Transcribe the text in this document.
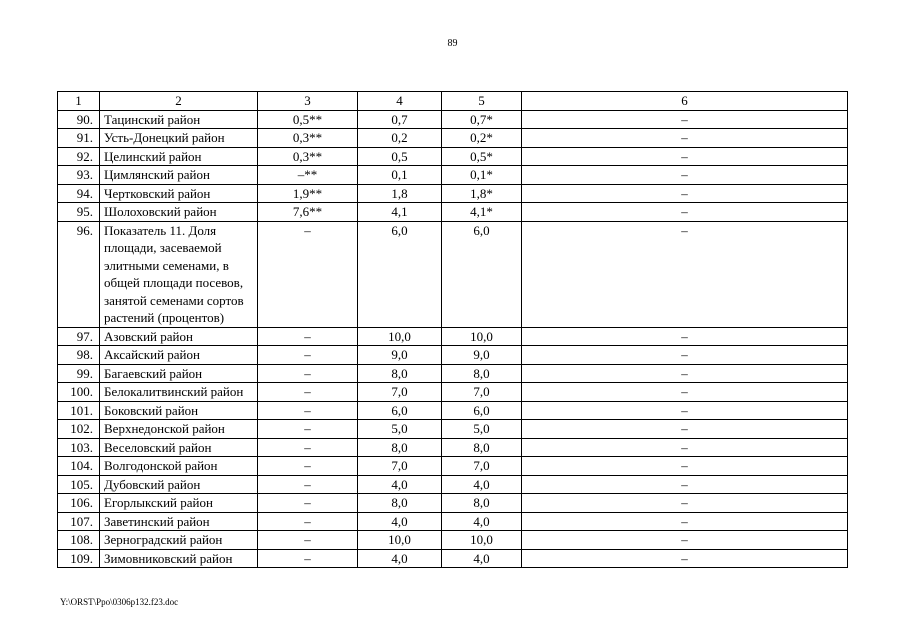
89
1	2	3	4	5	6
90.	Тацинский район	0,5**	0,7	0,7*	–
91.	Усть-Донецкий район	0,3**	0,2	0,2*	–
92.	Целинский район	0,3**	0,5	0,5*	–
93.	Цимлянский район	–**	0,1	0,1*	–
94.	Чертковский район	1,9**	1,8	1,8*	–
95.	Шолоховский район	7,6**	4,1	4,1*	–
96.	Показатель 11. Доля площади, засеваемой элитными семенами, в общей площади посевов, занятой семенами сортов растений (процентов)	–	6,0	6,0	–
97.	Азовский район	–	10,0	10,0	–
98.	Аксайский район	–	9,0	9,0	–
99.	Багаевский район	–	8,0	8,0	–
100.	Белокалитвинский район	–	7,0	7,0	–
101.	Боковский район	–	6,0	6,0	–
102.	Верхнедонской район	–	5,0	5,0	–
103.	Веселовский район	–	8,0	8,0	–
104.	Волгодонской район	–	7,0	7,0	–
105.	Дубовский район	–	4,0	4,0	–
106.	Егорлыкский район	–	8,0	8,0	–
107.	Заветинский район	–	4,0	4,0	–
108.	Зерноградский район	–	10,0	10,0	–
109.	Зимовниковский район	–	4,0	4,0	–
Y:\ORST\Ppo\0306p132.f23.doc
